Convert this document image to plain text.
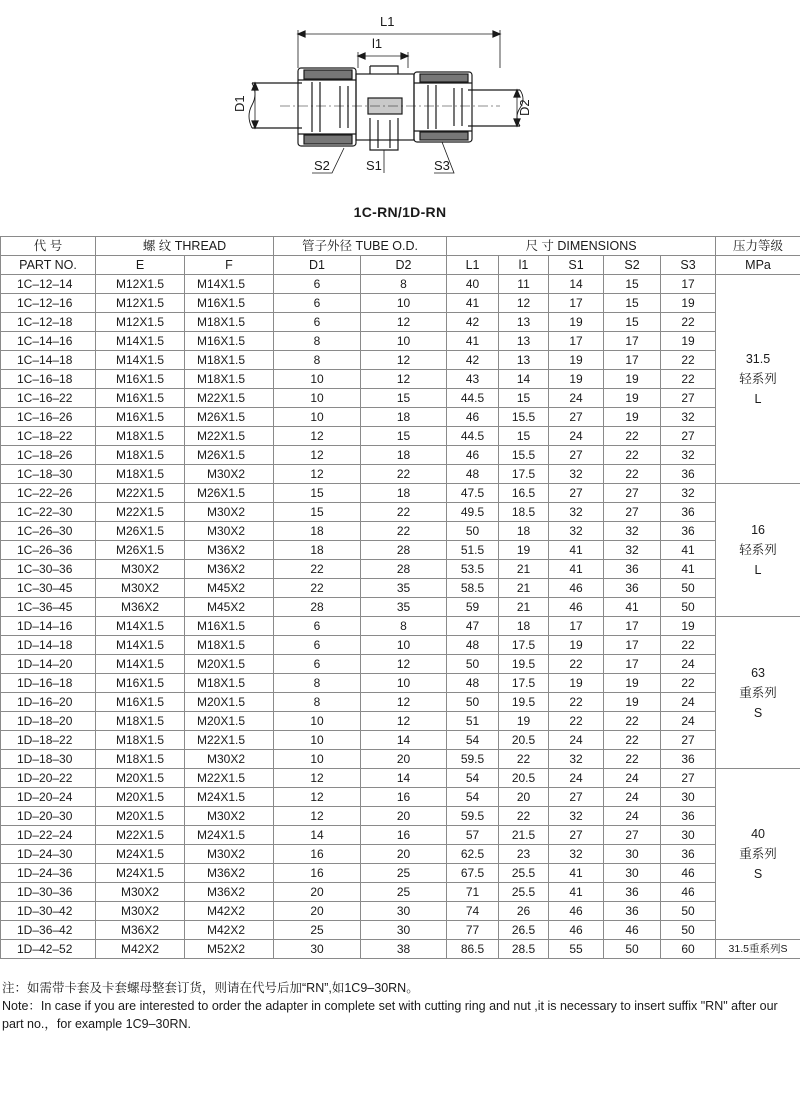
L1
l1
D1	D2
S2	S1	S3
1C-RN/1D-RN
代 号	螺 纹 THREAD		管子外径 TUBE O.D.		尺 寸 DIMENSIONS					压力等级
PART NO.	E	F	D1	D2	L1	l1	S1	S2	S3	MPa
1C–12–14	M12X1.5	M14X1.5	6	8	40	11	14	15	17	31.5
轻系列
L

1C–12–16	M12X1.5	M16X1.5	6	10	41	12	17	15	19	
1C–12–18	M12X1.5	M18X1.5	6	12	42	13	19	15	22	
1C–14–16	M14X1.5	M16X1.5	8	10	41	13	17	17	19	
1C–14–18	M14X1.5	M18X1.5	8	12	42	13	19	17	22	
1C–16–18	M16X1.5	M18X1.5	10	12	43	14	19	19	22	
1C–16–22	M16X1.5	M22X1.5	10	15	44.5	15	24	19	27	
1C–16–26	M16X1.5	M26X1.5	10	18	46	15.5	27	19	32	
1C–18–22	M18X1.5	M22X1.5	12	15	44.5	15	24	22	27	
1C–18–26	M18X1.5	M26X1.5	12	18	46	15.5	27	22	32	
1C–18–30	M18X1.5	M30X2	12	22	48	17.5	32	22	36	
1C–22–26	M22X1.5	M26X1.5	15	18	47.5	16.5	27	27	32	16
轻系列
L

1C–22–30	M22X1.5	M30X2	15	22	49.5	18.5	32	27	36	
1C–26–30	M26X1.5	M30X2	18	22	50	18	32	32	36	
1C–26–36	M26X1.5	M36X2	18	28	51.5	19	41	32	41	
1C–30–36	M30X2	M36X2	22	28	53.5	21	41	36	41	
1C–30–45	M30X2	M45X2	22	35	58.5	21	46	36	50	
1C–36–45	M36X2	M45X2	28	35	59	21	46	41	50	
1D–14–16	M14X1.5	M16X1.5	6	8	47	18	17	17	19	63
重系列
S

1D–14–18	M14X1.5	M18X1.5	6	10	48	17.5	19	17	22	
1D–14–20	M14X1.5	M20X1.5	6	12	50	19.5	22	17	24	
1D–16–18	M16X1.5	M18X1.5	8	10	48	17.5	19	19	22	
1D–16–20	M16X1.5	M20X1.5	8	12	50	19.5	22	19	24	
1D–18–20	M18X1.5	M20X1.5	10	12	51	19	22	22	24	
1D–18–22	M18X1.5	M22X1.5	10	14	54	20.5	24	22	27	
1D–18–30	M18X1.5	M30X2	10	20	59.5	22	32	22	36	
1D–20–22	M20X1.5	M22X1.5	12	14	54	20.5	24	24	27	40
重系列
S

1D–20–24	M20X1.5	M24X1.5	12	16	54	20	27	24	30	
1D–20–30	M20X1.5	M30X2	12	20	59.5	22	32	24	36	
1D–22–24	M22X1.5	M24X1.5	14	16	57	21.5	27	27	30	
1D–24–30	M24X1.5	M30X2	16	20	62.5	23	32	30	36	
1D–24–36	M24X1.5	M36X2	16	25	67.5	25.5	41	30	46	
1D–30–36	M30X2	M36X2	20	25	71	25.5	41	36	46	
1D–30–42	M30X2	M42X2	20	30	74	26	46	36	50	
1D–36–42	M36X2	M42X2	25	30	77	26.5	46	46	50	
1D–42–52	M42X2	M52X2	30	38	86.5	28.5	55	50	60	31.5重系列S
注：如需带卡套及卡套螺母整套订货，则请在代号后加“RN”,如1C9–30RN。
Note：In case if you are interested to order the adapter in complete set with cutting ring and nut ,it is necessary to insert suffix "RN" after our part no.，for example 1C9–30RN.
